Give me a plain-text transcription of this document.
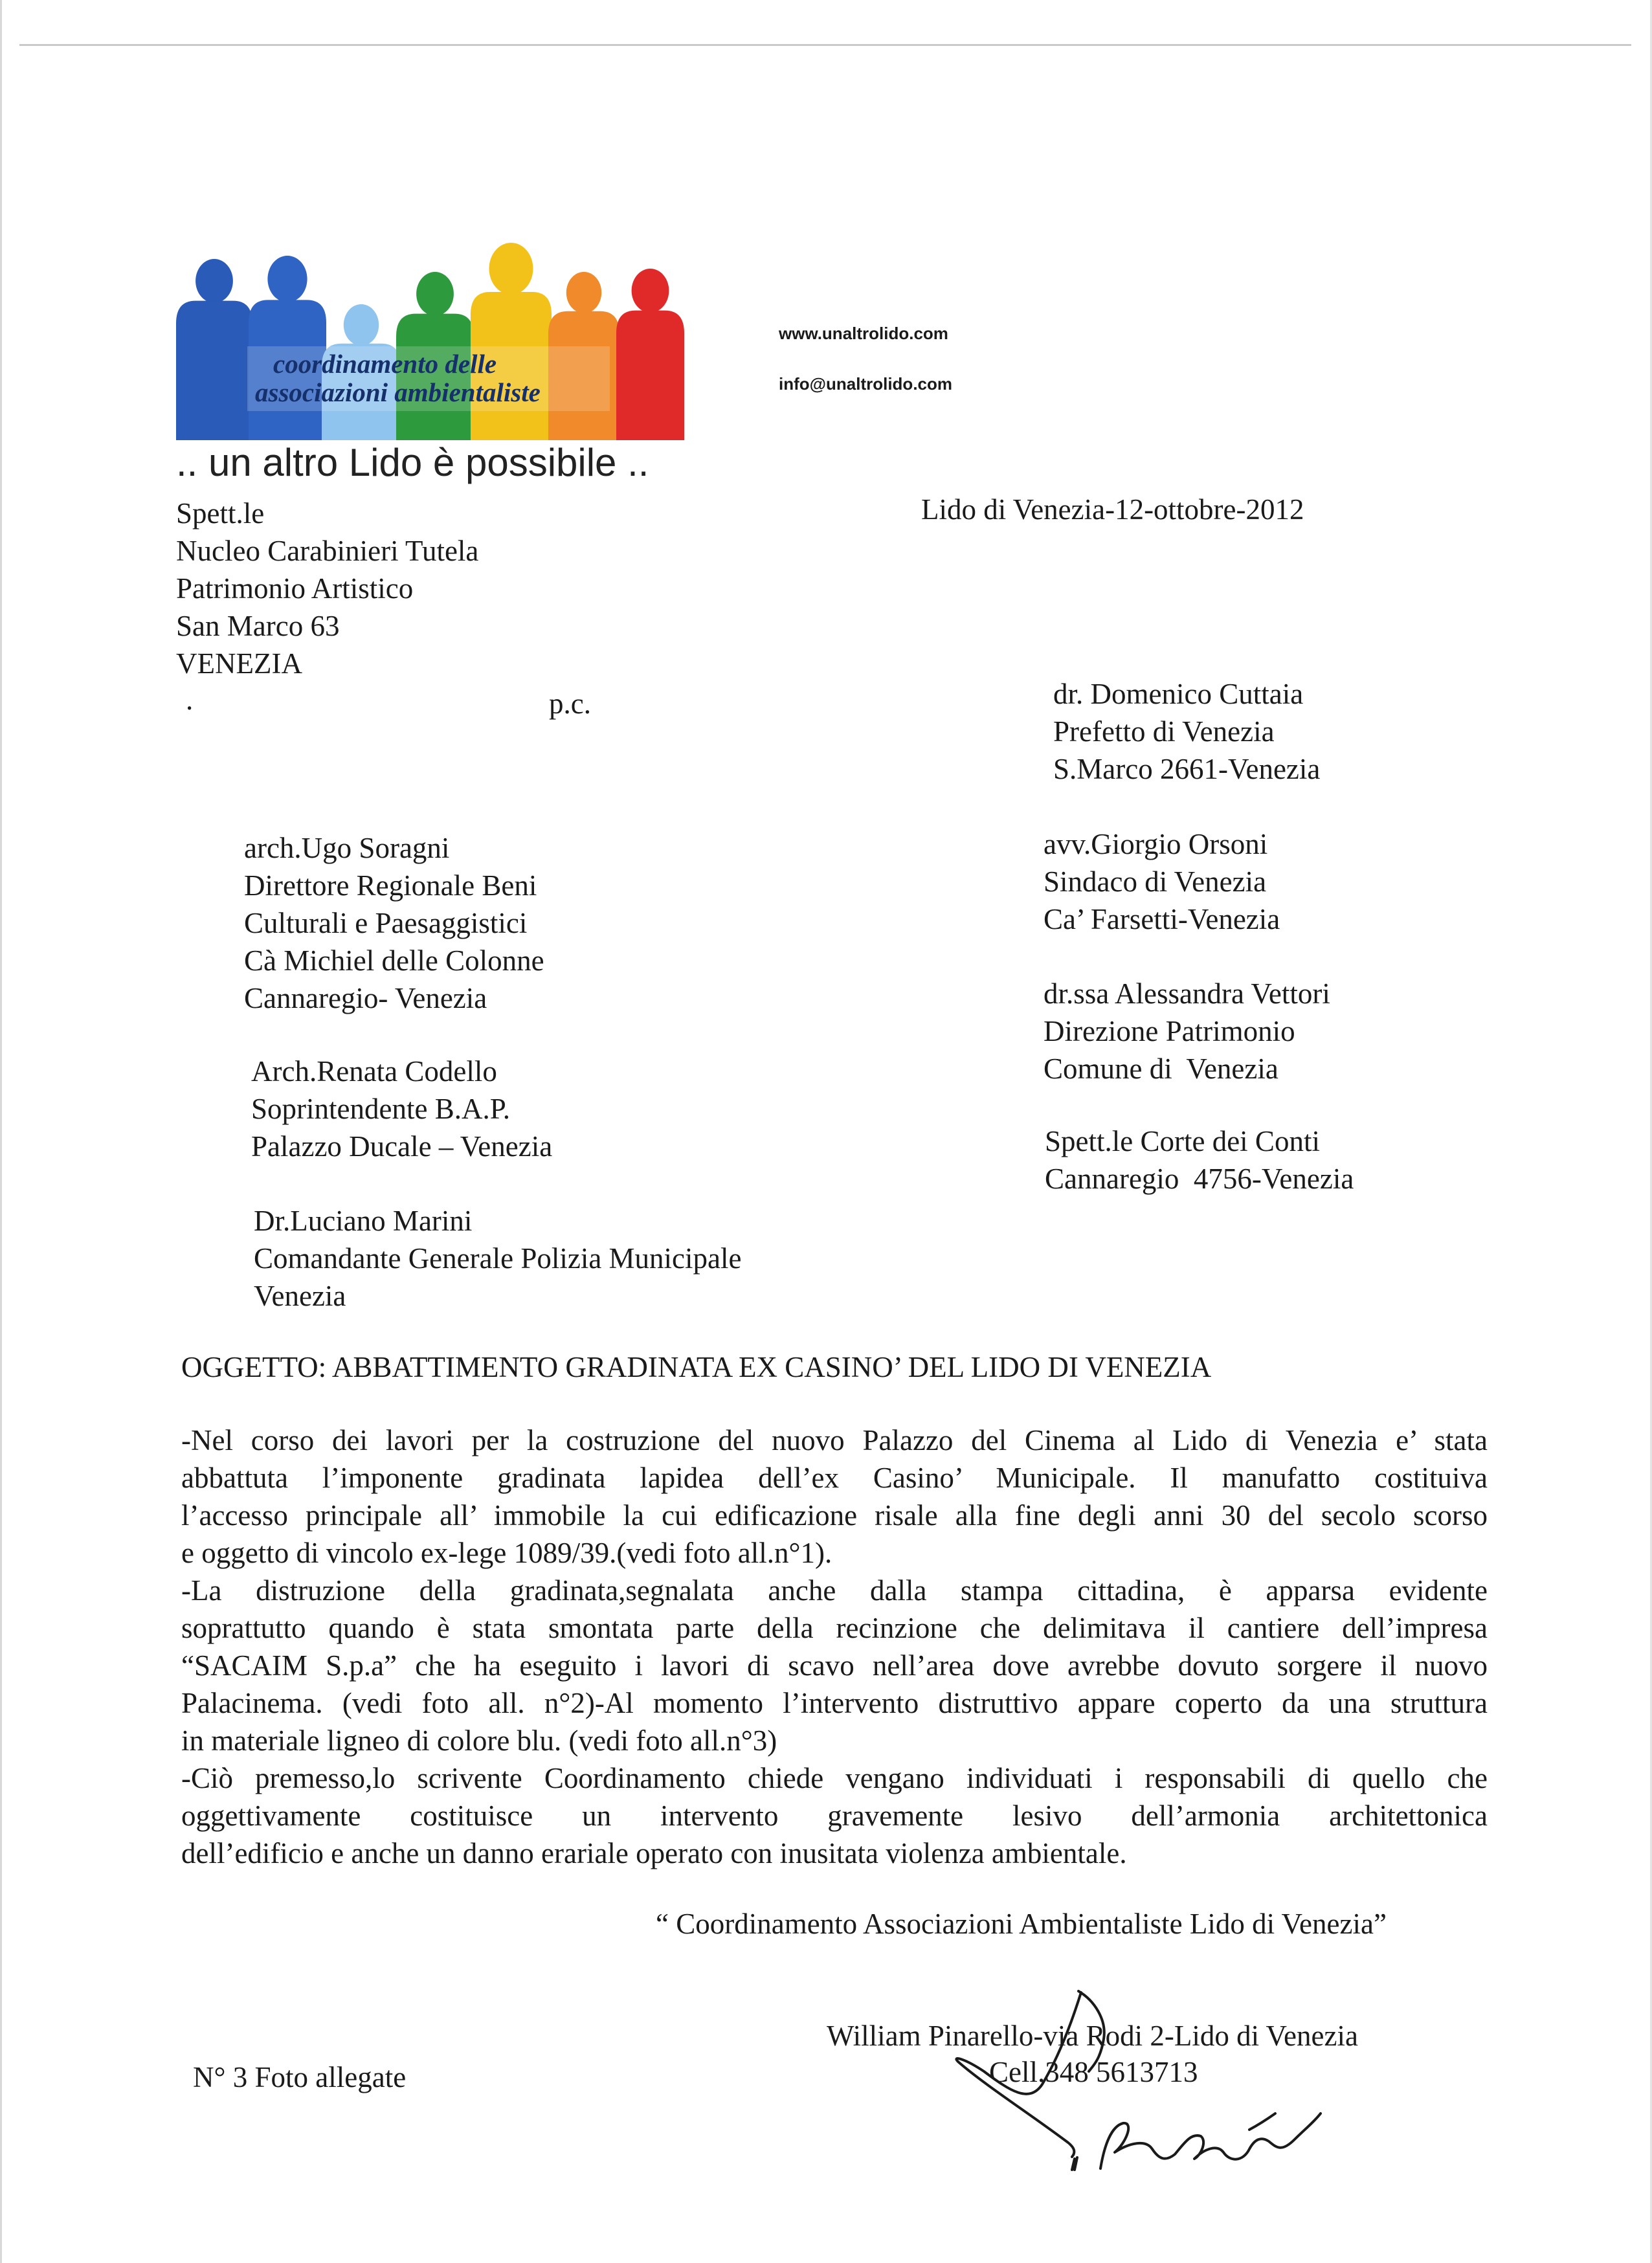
coordinamento delle
associazioni ambientaliste
.. un altro Lido è possibile ..
www.unaltrolido.com
info@unaltrolido.com
Lido di Venezia-12-ottobre-2012
Spett.le
Nucleo Carabinieri Tutela
Patrimonio Artistico
San Marco 63
VENEZIA
.	p.c.	dr. Domenico Cuttaia
Prefetto di Venezia
S.Marco 2661-Venezia
avv.Giorgio Orsoni
Sindaco di Venezia
Ca’ Farsetti-Venezia
dr.ssa Alessandra Vettori
Direzione Patrimonio
Comune di  Venezia
Spett.le Corte dei Conti
Cannaregio  4756-Venezia
arch.Ugo Soragni
Direttore Regionale Beni
Culturali e Paesaggistici
Cà Michiel delle Colonne
Cannaregio- Venezia
Arch.Renata Codello
Soprintendente B.A.P.
Palazzo Ducale – Venezia
Dr.Luciano Marini
Comandante Generale Polizia Municipale
Venezia
OGGETTO: ABBATTIMENTO GRADINATA EX CASINO’ DEL LIDO DI VENEZIA

-Nel corso dei lavori per la costruzione del nuovo Palazzo del Cinema al Lido di Venezia e’ stata
abbattuta l’imponente gradinata lapidea dell’ex Casino’ Municipale. Il manufatto costituiva
l’accesso principale all’ immobile la cui edificazione risale alla fine degli anni 30 del secolo scorso
e oggetto di vincolo ex-lege 1089/39.(vedi foto all.n°1).

-La distruzione della gradinata,segnalata anche dalla stampa cittadina, è apparsa evidente
soprattutto quando è stata smontata parte della recinzione che delimitava il cantiere dell’impresa
“SACAIM S.p.a” che ha eseguito i lavori di scavo nell’area dove avrebbe dovuto sorgere il nuovo
Palacinema. (vedi foto all. n°2)-Al momento l’intervento distruttivo appare coperto da una struttura
in materiale ligneo di colore blu. (vedi foto all.n°3)

-Ciò premesso,lo scrivente Coordinamento chiede vengano individuati i responsabili di quello che
oggettivamente costituisce un intervento gravemente lesivo dell’armonia architettonica
dell’edificio e anche un danno erariale operato con inusitata violenza ambientale.

“ Coordinamento Associazioni Ambientaliste Lido di Venezia”
William Pinarello-via Rodi 2-Lido di Venezia
Cell.348 5613713
N° 3 Foto allegate
